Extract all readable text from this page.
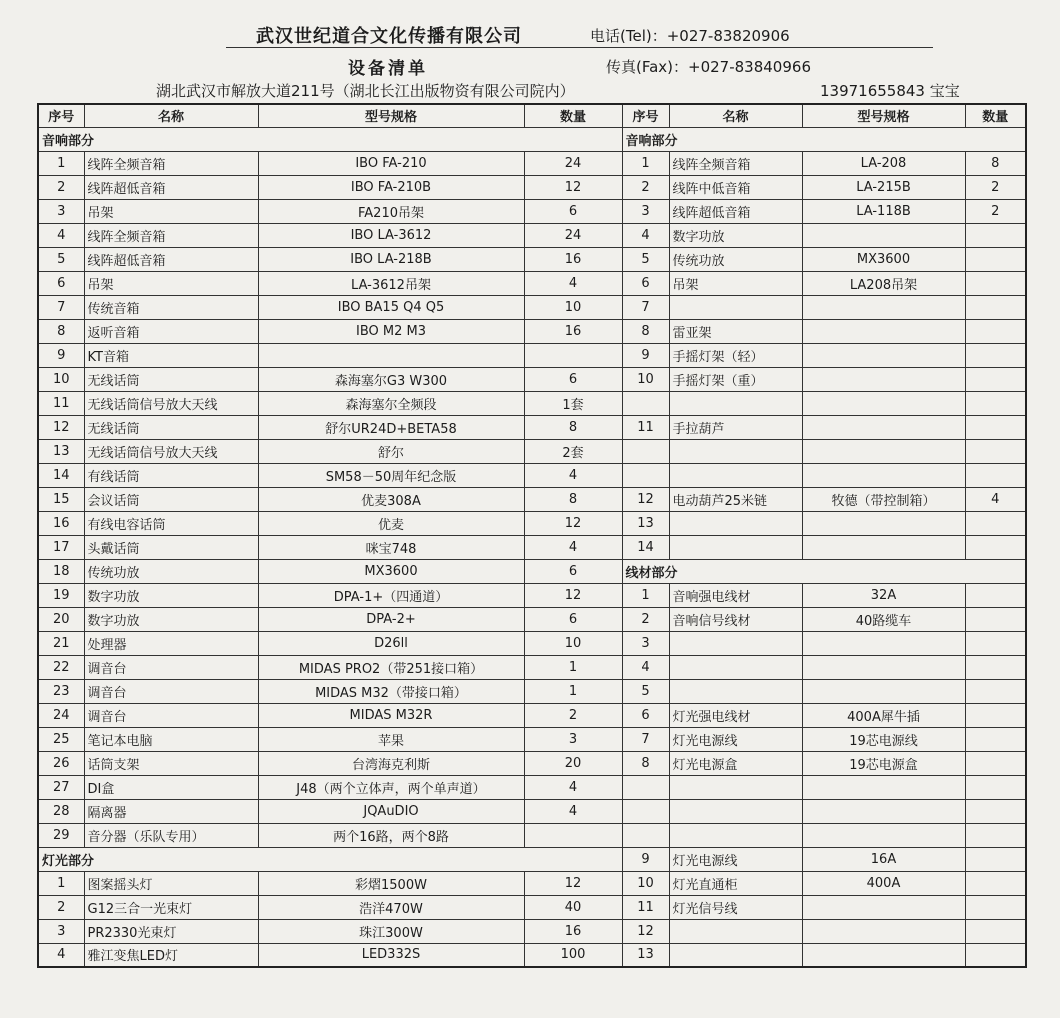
武汉世纪道合文化传播有限公司	电话(Tel)：+027-83820906
设备清单	传真(Fax)：+027-83840966
湖北武汉市解放大道211号（湖北长江出版物资有限公司院内）	13971655843 宝宝
序号	名称	型号规格	数量	序号	名称	型号规格	数量
音响部分				音响部分			
1	线阵全频音箱	IBO FA-210	24	1	线阵全频音箱	LA-208	8
2	线阵超低音箱	IBO FA-210B	12	2	线阵中低音箱	LA-215B	2
3	吊架	FA210吊架	6	3	线阵超低音箱	LA-118B	2
4	线阵全频音箱	IBO LA-3612	24	4	数字功放		
5	线阵超低音箱	IBO LA-218B	16	5	传统功放	MX3600	
6	吊架	LA-3612吊架	4	6	吊架	LA208吊架	
7	传统音箱	IBO BA15 Q4 Q5	10	7			
8	返听音箱	IBO M2 M3	16	8	雷亚架		
9	KT音箱			9	手摇灯架（轻）		
10	无线话筒	森海塞尔G3 W300	6	10	手摇灯架（重）		
11	无线话筒信号放大天线	森海塞尔全频段	1套				
12	无线话筒	舒尔UR24D+BETA58	8	11	手拉葫芦		
13	无线话筒信号放大天线	舒尔	2套				
14	有线话筒	SM58－50周年纪念版	4				
15	会议话筒	优麦308A	8	12	电动葫芦25米链	牧德（带控制箱）	4
16	有线电容话筒	优麦	12	13			
17	头戴话筒	咪宝748	4	14			
18	传统功放	MX3600	6	线材部分			
19	数字功放	DPA-1+（四通道）	12	1	音响强电线材	32A	
20	数字功放	DPA-2+	6	2	音响信号线材	40路缆车	
21	处理器	D26ll	10	3			
22	调音台	MIDAS PRO2（带251接口箱）	1	4			
23	调音台	MIDAS M32（带接口箱）	1	5			
24	调音台	MIDAS M32R	2	6	灯光强电线材	400A犀牛插	
25	笔记本电脑	苹果	3	7	灯光电源线	19芯电源线	
26	话筒支架	台湾海克利斯	20	8	灯光电源盒	19芯电源盒	
27	DI盒	J48（两个立体声，两个单声道）	4				
28	隔离器	JQAuDIO	4				
29	音分器（乐队专用）	两个16路，两个8路					
灯光部分				9	灯光电源线	16A	
1	图案摇头灯	彩熠1500W	12	10	灯光直通柜	400A	
2	G12三合一光束灯	浩洋470W	40	11	灯光信号线		
3	PR2330光束灯	珠江300W	16	12			
4	雅江变焦LED灯	LED332S	100	13			
